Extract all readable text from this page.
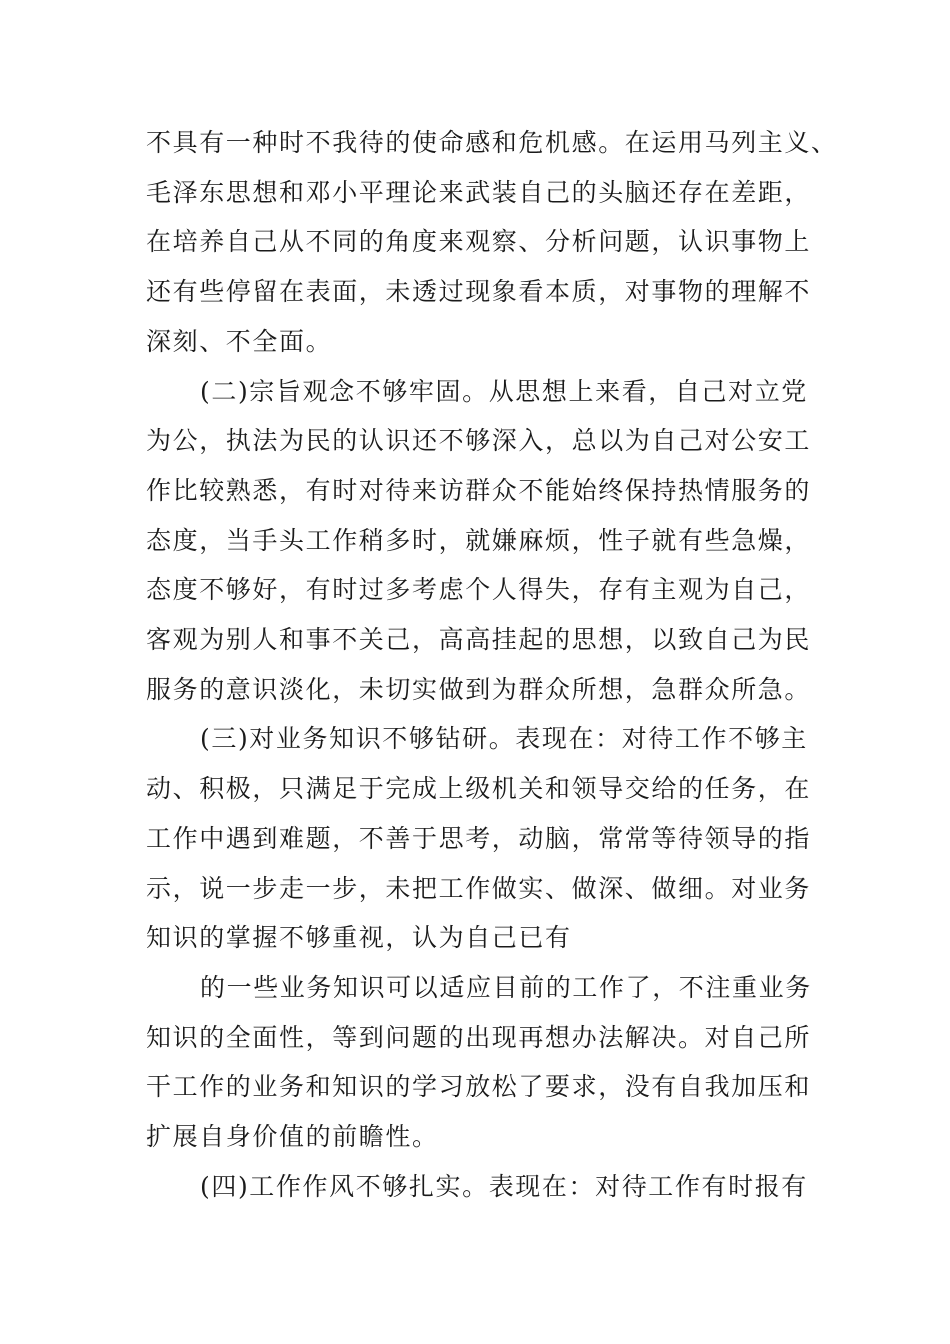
不具有一种时不我待的使命感和危机感。在运用马列主义、
毛泽东思想和邓小平理论来武装自己的头脑还存在差距，
在培养自己从不同的角度来观察、分析问题，认识事物上
还有些停留在表面，未透过现象看本质，对事物的理解不
深刻、不全面。
(二)宗旨观念不够牢固。从思想上来看，自己对立党
为公，执法为民的认识还不够深入，总以为自己对公安工
作比较熟悉，有时对待来访群众不能始终保持热情服务的
态度，当手头工作稍多时，就嫌麻烦，性子就有些急燥，
态度不够好，有时过多考虑个人得失，存有主观为自己，
客观为别人和事不关己，高高挂起的思想，以致自己为民
服务的意识淡化，未切实做到为群众所想，急群众所急。
(三)对业务知识不够钻研。表现在：对待工作不够主
动、积极，只满足于完成上级机关和领导交给的任务，在
工作中遇到难题，不善于思考，动脑，常常等待领导的指
示，说一步走一步，未把工作做实、做深、做细。对业务
知识的掌握不够重视，认为自己已有
的一些业务知识可以适应目前的工作了，不注重业务
知识的全面性，等到问题的出现再想办法解决。对自己所
干工作的业务和知识的学习放松了要求，没有自我加压和
扩展自身价值的前瞻性。
(四)工作作风不够扎实。表现在：对待工作有时报有
